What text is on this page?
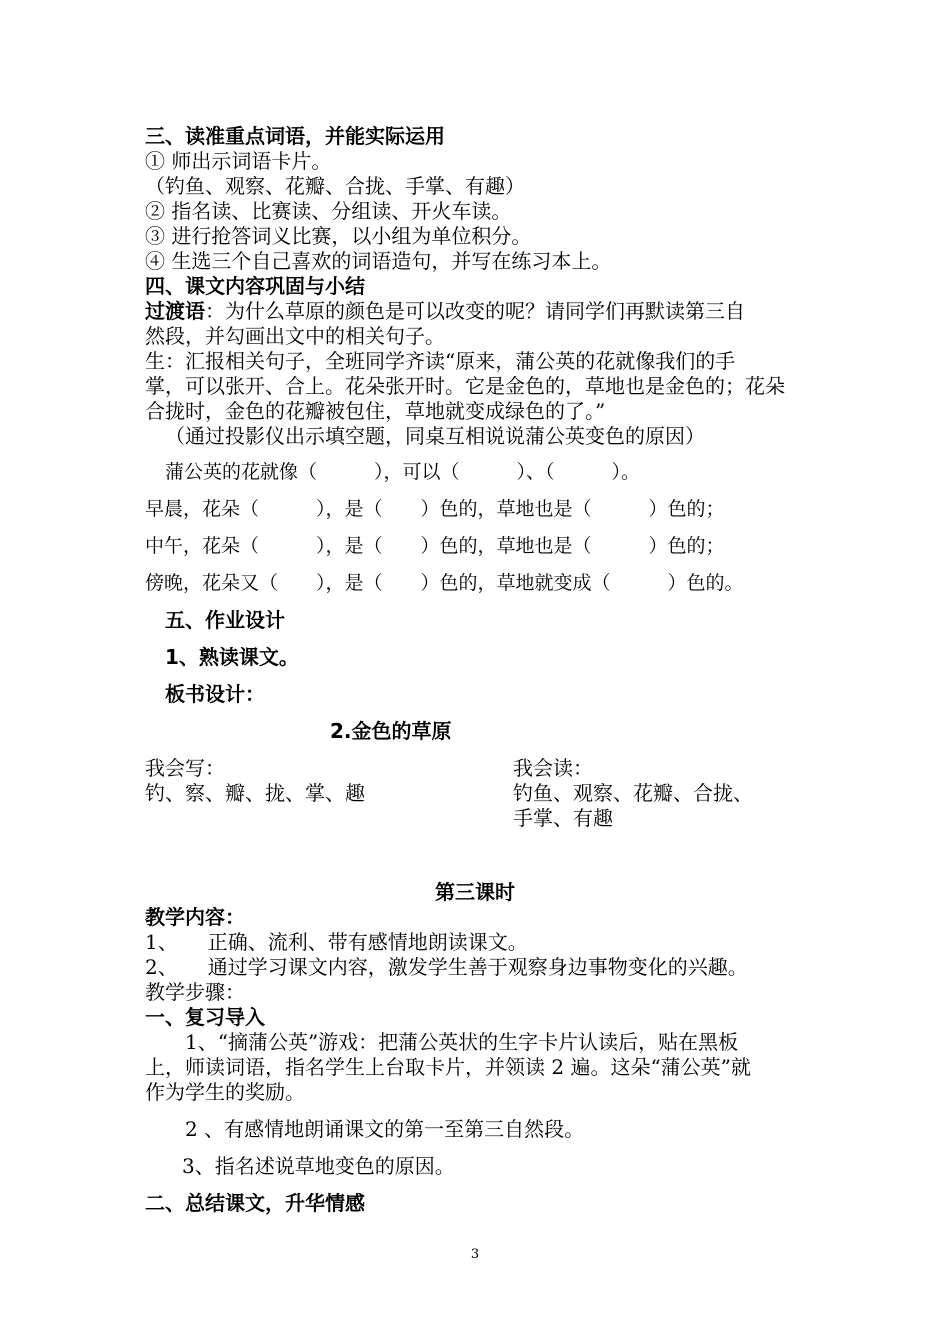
三、读准重点词语，并能实际运用
① 师出示词语卡片。
（钓鱼、观察、花瓣、合拢、手掌、有趣）
② 指名读、比赛读、分组读、开火车读。
③ 进行抢答词义比赛，以小组为单位积分。
④ 生选三个自己喜欢的词语造句，并写在练习本上。
四、课文内容巩固与小结
过渡语：为什么草原的颜色是可以改变的呢？请同学们再默读第三自
然段，并勾画出文中的相关句子。
生：汇报相关句子，全班同学齐读“原来，蒲公英的花就像我们的手
掌，可以张开、合上。花朵张开时。它是金色的，草地也是金色的；花朵
合拢时，金色的花瓣被包住，草地就变成绿色的了。”
（通过投影仪出示填空题，同桌互相说说蒲公英变色的原因）
蒲公英的花就像（　　　），可以（　　　）、（　　　）。
早晨，花朵（　　　），是（　　）色的，草地也是（　　　）色的；
中午，花朵（　　　），是（　　）色的，草地也是（　　　）色的；
傍晚，花朵又（　　），是（　　）色的，草地就变成（　　　）色的。
五、作业设计
1、熟读课文。
板书设计：
2.金色的草原
我会写：	我会读：
钓、察、瓣、拢、掌、趣	钓鱼、观察、花瓣、合拢、
手掌、有趣
第三课时
教学内容：
1、　　正确、流利、带有感情地朗读课文。
2、　　通过学习课文内容，激发学生善于观察身边事物变化的兴趣。
教学步骤：
一、复习导入
1、“摘蒲公英”游戏：把蒲公英状的生字卡片认读后，贴在黑板
上，师读词语，指名学生上台取卡片，并领读 2 遍。这朵“蒲公英”就
作为学生的奖励。
2 、有感情地朗诵课文的第一至第三自然段。
3、指名述说草地变色的原因。
二、总结课文，升华情感
3
